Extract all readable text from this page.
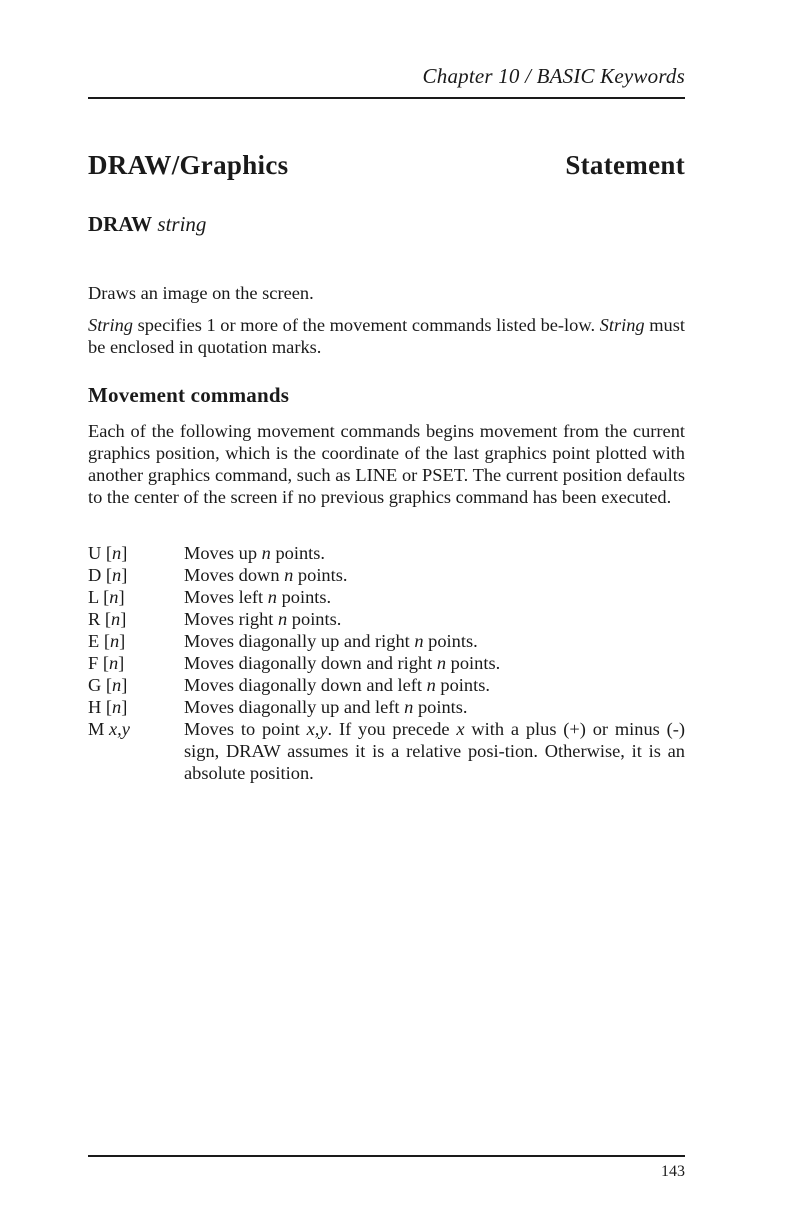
Chapter 10 / BASIC Keywords
DRAW/Graphics	Statement
DRAW string
Draws an image on the screen.
String specifies 1 or more of the movement commands listed be-low. String must be enclosed in quotation marks.
Movement commands
Each of the following movement commands begins movement from the current graphics position, which is the coordinate of the last graphics point plotted with another graphics command, such as LINE or PSET. The current position defaults to the center of the screen if no previous graphics command has been executed.
U [n]	Moves up n points.
D [n]	Moves down n points.
L [n]	Moves left n points.
R [n]	Moves right n points.
E [n]	Moves diagonally up and right n points.
F [n]	Moves diagonally down and right n points.
G [n]	Moves diagonally down and left n points.
H [n]	Moves diagonally up and left n points.
M x,y	Moves to point x,y. If you precede x with a plus (+) or minus (-) sign, DRAW assumes it is a relative posi-tion. Otherwise, it is an absolute position.
143
